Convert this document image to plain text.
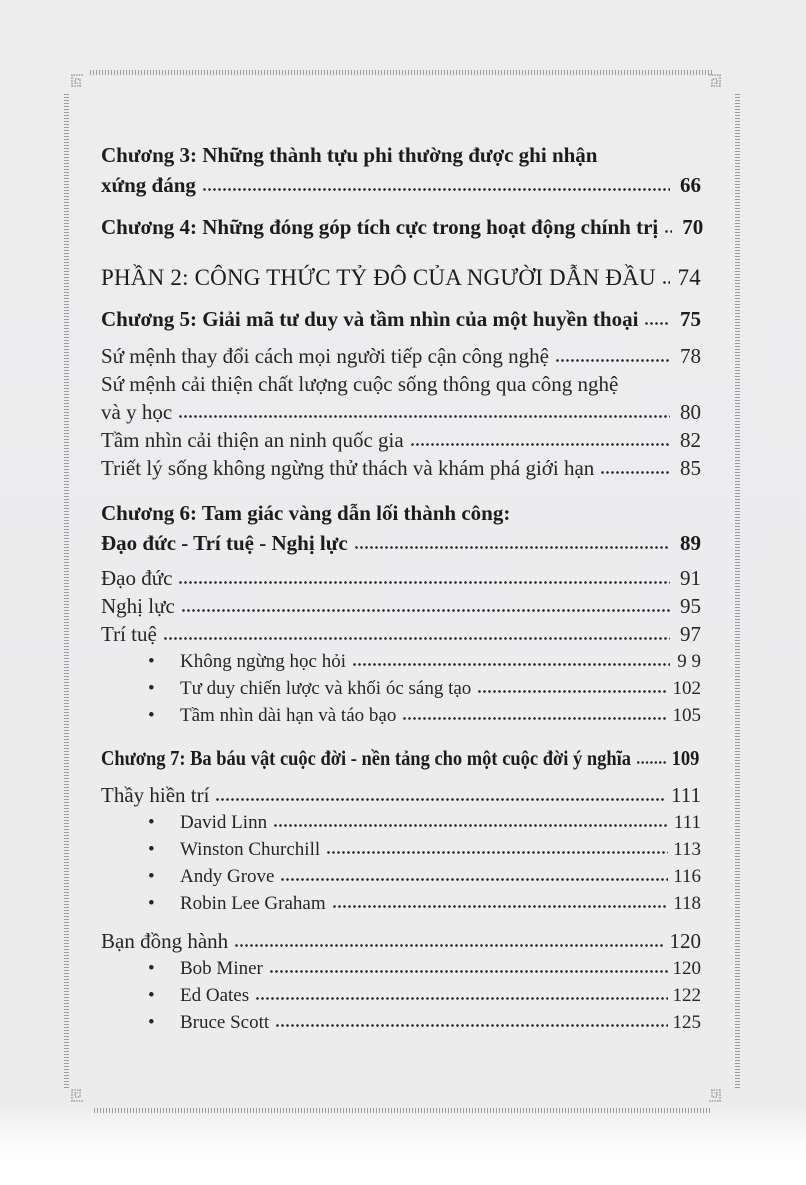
Chương 3: Những thành tựu phi thường được ghi nhận
xứng đáng	66
Chương 4: Những đóng góp tích cực trong hoạt động chính trị 70
PHẦN 2: CÔNG THỨC TỶ ĐÔ CỦA NGƯỜI DẪN ĐẦU 74
Chương 5: Giải mã tư duy và tầm nhìn của một huyền thoại 75
Sứ mệnh thay đổi cách mọi người tiếp cận công nghệ	78
Sứ mệnh cải thiện chất lượng cuộc sống thông qua công nghệ
và y học	80
Tầm nhìn cải thiện an ninh quốc gia	82
Triết lý sống không ngừng thử thách và khám phá giới hạn	85
Chương 6: Tam giác vàng dẫn lối thành công:
Đạo đức - Trí tuệ - Nghị lực	89
Đạo đức	91
Nghị lực	95
Trí tuệ	97
•	Không ngừng học hỏi	9 9
•	Tư duy chiến lược và khối óc sáng tạo	102
•	Tầm nhìn dài hạn và táo bạo	105
Chương 7: Ba báu vật cuộc đời - nền tảng cho một cuộc đời ý nghĩa 109
Thầy hiền trí	111
•	David Linn	111
•	Winston Churchill	113
•	Andy Grove	116
•	Robin Lee Graham	118
Bạn đồng hành	120
•	Bob Miner	120
•	Ed Oates	122
•	Bruce Scott	125
